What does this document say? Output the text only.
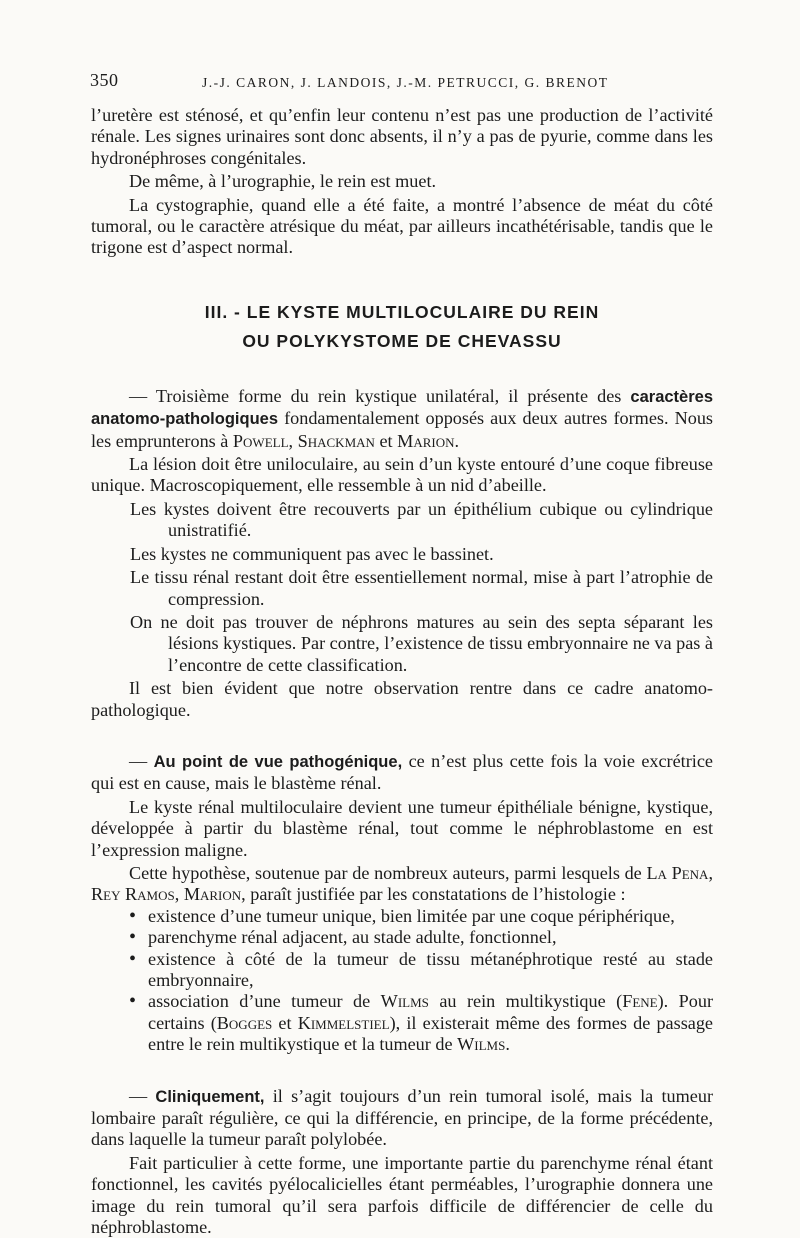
350	J.-J. CARON, J. LANDOIS, J.-M. PETRUCCI, G. BRENOT

l’uretère est sténosé, et qu’enfin leur contenu n’est pas une production de l’activité rénale. Les signes urinaires sont donc absents, il n’y a pas de pyurie, comme dans les hydronéphroses congénitales.

De même, à l’urographie, le rein est muet.

La cystographie, quand elle a été faite, a montré l’absence de méat du côté tumoral, ou le caractère atrésique du méat, par ailleurs incathétérisable, tandis que le trigone est d’aspect normal.

III. - LE KYSTE MULTILOCULAIRE DU REIN
OU POLYKYSTOME DE CHEVASSU

— Troisième forme du rein kystique unilatéral, il présente des caractères anatomo-pathologiques fondamentalement opposés aux deux autres formes. Nous les emprunterons à Powell, Shackman et Marion.

La lésion doit être uniloculaire, au sein d’un kyste entouré d’une coque fibreuse unique. Macroscopiquement, elle ressemble à un nid d’abeille.

Les kystes doivent être recouverts par un épithélium cubique ou cylindrique unistratifié.

Les kystes ne communiquent pas avec le bassinet.

Le tissu rénal restant doit être essentiellement normal, mise à part l’atrophie de compression.

On ne doit pas trouver de néphrons matures au sein des septa séparant les lésions kystiques. Par contre, l’existence de tissu embryonnaire ne va pas à l’encontre de cette classification.

Il est bien évident que notre observation rentre dans ce cadre anatomo-pathologique.

— Au point de vue pathogénique, ce n’est plus cette fois la voie excrétrice qui est en cause, mais le blastème rénal.

Le kyste rénal multiloculaire devient une tumeur épithéliale bénigne, kystique, développée à partir du blastème rénal, tout comme le néphroblastome en est l’expression maligne.

Cette hypothèse, soutenue par de nombreux auteurs, parmi lesquels de La Pena, Rey Ramos, Marion, paraît justifiée par les constatations de l’histologie :

• existence d’une tumeur unique, bien limitée par une coque périphérique,
• parenchyme rénal adjacent, au stade adulte, fonctionnel,
• existence à côté de la tumeur de tissu métanéphrotique resté au stade embryonnaire,
• association d’une tumeur de Wilms au rein multikystique (Fene). Pour certains (Bogges et Kimmelstiel), il existerait même des formes de passage entre le rein multikystique et la tumeur de Wilms.

— Cliniquement, il s’agit toujours d’un rein tumoral isolé, mais la tumeur lombaire paraît régulière, ce qui la différencie, en principe, de la forme précédente, dans laquelle la tumeur paraît polylobée.

Fait particulier à cette forme, une importante partie du parenchyme rénal étant fonctionnel, les cavités pyélocalicielles étant perméables, l’urographie donnera une image du rein tumoral qu’il sera parfois difficile de différencier de celle du néphroblastome.
